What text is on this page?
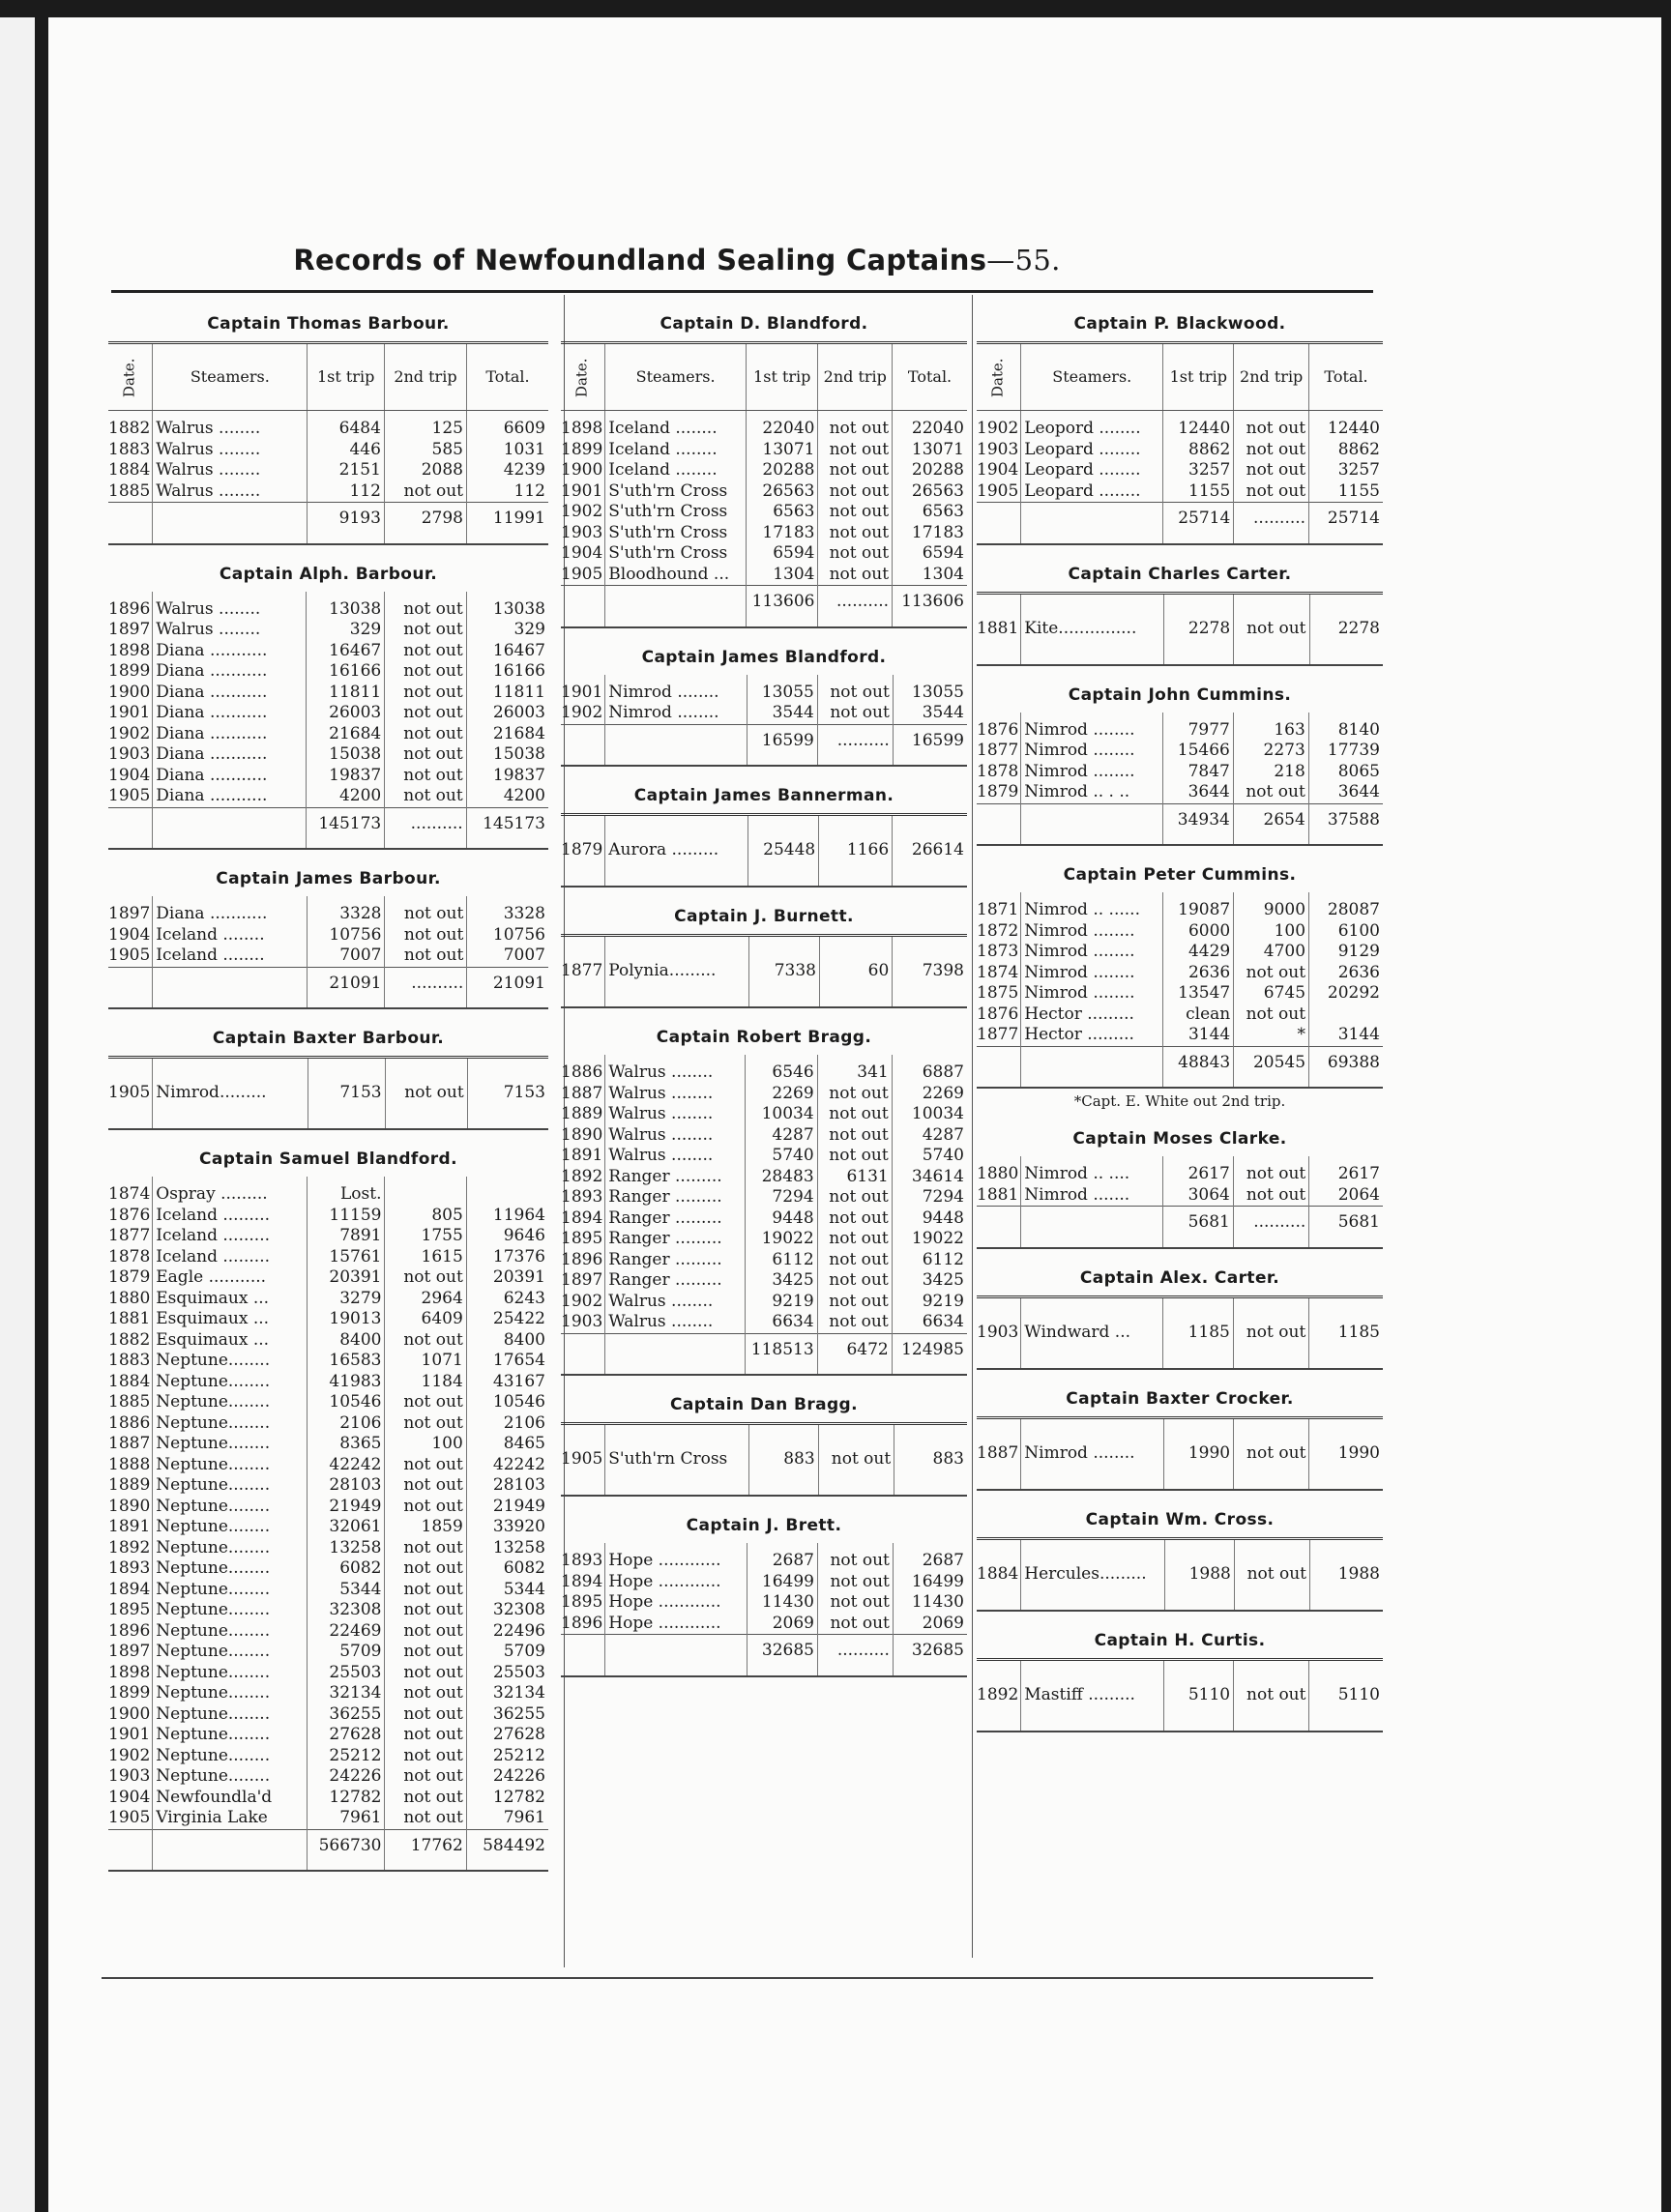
Records of Newfoundland Sealing Captains—55.
Captain Thomas Barbour.
Date.	Steamers.	1st trip	2nd trip	Total.
1882	Walrus ........	6484	125	6609
1883	Walrus ........	446	585	1031
1884	Walrus ........	2151	2088	4239
1885	Walrus ........	112	not out	112
		9193	2798	11991

Captain Alph. Barbour.
1896	Walrus ........	13038	not out	13038
1897	Walrus ........	329	not out	329
1898	Diana ...........	16467	not out	16467
1899	Diana ...........	16166	not out	16166
1900	Diana ...........	11811	not out	11811
1901	Diana ...........	26003	not out	26003
1902	Diana ...........	21684	not out	21684
1903	Diana ...........	15038	not out	15038
1904	Diana ...........	19837	not out	19837
1905	Diana ...........	4200	not out	4200
		145173	..........	145173

Captain James Barbour.
1897	Diana ...........	3328	not out	3328
1904	Iceland ........	10756	not out	10756
1905	Iceland ........	7007	not out	7007
		21091	..........	21091

Captain Baxter Barbour.
1905	Nimrod.........	7153	not out	7153
Captain Samuel Blandford.
1874	Ospray .........	Lost.		
1876	Iceland .........	11159	805	11964
1877	Iceland .........	7891	1755	9646
1878	Iceland .........	15761	1615	17376
1879	Eagle ...........	20391	not out	20391
1880	Esquimaux ...	3279	2964	6243
1881	Esquimaux ...	19013	6409	25422
1882	Esquimaux ...	8400	not out	8400
1883	Neptune........	16583	1071	17654
1884	Neptune........	41983	1184	43167
1885	Neptune........	10546	not out	10546
1886	Neptune........	2106	not out	2106
1887	Neptune........	8365	100	8465
1888	Neptune........	42242	not out	42242
1889	Neptune........	28103	not out	28103
1890	Neptune........	21949	not out	21949
1891	Neptune........	32061	1859	33920
1892	Neptune........	13258	not out	13258
1893	Neptune........	6082	not out	6082
1894	Neptune........	5344	not out	5344
1895	Neptune........	32308	not out	32308
1896	Neptune........	22469	not out	22496
1897	Neptune........	5709	not out	5709
1898	Neptune........	25503	not out	25503
1899	Neptune........	32134	not out	32134
1900	Neptune........	36255	not out	36255
1901	Neptune........	27628	not out	27628
1902	Neptune........	25212	not out	25212
1903	Neptune........	24226	not out	24226
1904	Newfoundla'd	12782	not out	12782
1905	Virginia Lake	7961	not out	7961
		566730	17762	584492

Captain D. Blandford.
Date.	Steamers.	1st trip	2nd trip	Total.
1898	Iceland ........	22040	not out	22040
1899	Iceland ........	13071	not out	13071
1900	Iceland ........	20288	not out	20288
1901	S'uth'rn Cross	26563	not out	26563
1902	S'uth'rn Cross	6563	not out	6563
1903	S'uth'rn Cross	17183	not out	17183
1904	S'uth'rn Cross	6594	not out	6594
1905	Bloodhound ...	1304	not out	1304
		113606	..........	113606

Captain James Blandford.
1901	Nimrod ........	13055	not out	13055
1902	Nimrod ........	3544	not out	3544
		16599	..........	16599

Captain James Bannerman.
1879	Aurora .........	25448	1166	26614
Captain J. Burnett.
1877	Polynia.........	7338	60	7398
Captain Robert Bragg.
1886	Walrus ........	6546	341	6887
1887	Walrus ........	2269	not out	2269
1889	Walrus ........	10034	not out	10034
1890	Walrus ........	4287	not out	4287
1891	Walrus ........	5740	not out	5740
1892	Ranger .........	28483	6131	34614
1893	Ranger .........	7294	not out	7294
1894	Ranger .........	9448	not out	9448
1895	Ranger .........	19022	not out	19022
1896	Ranger .........	6112	not out	6112
1897	Ranger .........	3425	not out	3425
1902	Walrus ........	9219	not out	9219
1903	Walrus ........	6634	not out	6634
		118513	6472	124985

Captain Dan Bragg.
1905	S'uth'rn Cross	883	not out	883
Captain J. Brett.
1893	Hope ............	2687	not out	2687
1894	Hope ............	16499	not out	16499
1895	Hope ............	11430	not out	11430
1896	Hope ............	2069	not out	2069
		32685	..........	32685

Captain P. Blackwood.
Date.	Steamers.	1st trip	2nd trip	Total.
1902	Leopord ........	12440	not out	12440
1903	Leopard ........	8862	not out	8862
1904	Leopard ........	3257	not out	3257
1905	Leopard ........	1155	not out	1155
		25714	..........	25714

Captain Charles Carter.
1881	Kite...............	2278	not out	2278
Captain John Cummins.
1876	Nimrod ........	7977	163	8140
1877	Nimrod ........	15466	2273	17739
1878	Nimrod ........	7847	218	8065
1879	Nimrod .. . ..	3644	not out	3644
		34934	2654	37588

Captain Peter Cummins.
1871	Nimrod .. ......	19087	9000	28087
1872	Nimrod ........	6000	100	6100
1873	Nimrod ........	4429	4700	9129
1874	Nimrod ........	2636	not out	2636
1875	Nimrod ........	13547	6745	20292
1876	Hector .........	clean	not out	
1877	Hector .........	3144	*	3144
		48843	20545	69388

*Capt. E. White out 2nd trip.
Captain Moses Clarke.
1880	Nimrod .. ....	2617	not out	2617
1881	Nimrod .......	3064	not out	2064
		5681	..........	5681

Captain Alex. Carter.
1903	Windward ...	1185	not out	1185
Captain Baxter Crocker.
1887	Nimrod ........	1990	not out	1990
Captain Wm. Cross.
1884	Hercules.........	1988	not out	1988
Captain H. Curtis.
1892	Mastiff .........	5110	not out	5110
